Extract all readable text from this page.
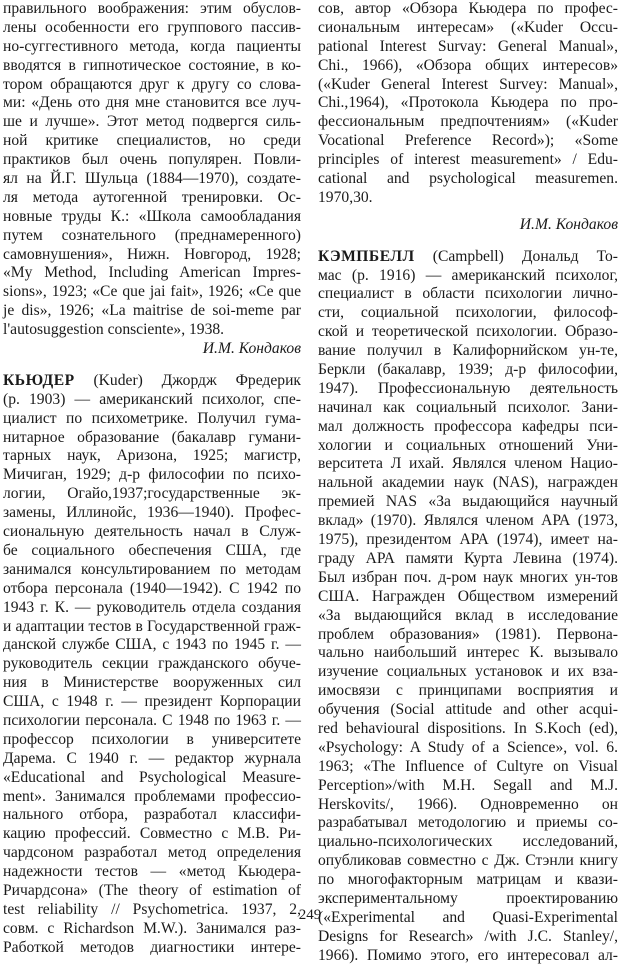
правильного воображения: этим обуслов-
лены особенности его группового пассив-
но-суггестивного метода, когда пациенты
вводятся в гипнотическое состояние, в ко-
тором обращаются друг к другу со слова-
ми: «День ото дня мне становится все луч-
ше и лучше». Этот метод подвергся силь-
ной критике специалистов, но среди
практиков был очень популярен. Повли-
ял на Й.Г. Шульца (1884—1970), создате-
ля метода аутогенной тренировки. Ос-
новные труды К.: «Школа самообладания
путем сознательного (преднамеренного)
самовнушения», Нижн. Новгород, 1928;
«My Method, Including American Impres-
sions», 1923; «Ce que jai fait», 1926; «Ce que
je dis», 1926; «La maitrise de soi-meme par
l'autosuggestion consciente», 1938.
И.М. Кондаков
КЬЮДЕР (Kuder) Джордж Фредерик
(р. 1903) — американский психолог, спе-
циалист по психометрике. Получил гума-
нитарное образование (бакалавр гумани-
тарных наук, Аризона, 1925; магистр,
Мичиган, 1929; д-р философии по психо-
логии, Огайо,1937;государственные эк-
замены, Иллинойс, 1936—1940). Профес-
сиональную деятельность начал в Служ-
бе социального обеспечения США, где
занимался консультированием по методам
отбора персонала (1940—1942). С 1942 по
1943 г. К. — руководитель отдела создания
и адаптации тестов в Государственной граж-
данской службе США, с 1943 по 1945 г. —
руководитель секции гражданского обуче-
ния в Министерстве вооруженных сил
США, с 1948 г. — президент Корпорации
психологии персонала. С 1948 по 1963 г. —
профессор психологии в университете
Дарема. С 1940 г. — редактор журнала
«Educational and Psychological Measure-
ment». Занимался проблемами профессио-
нального отбора, разработал классифи-
кацию профессий. Совместно с М.В. Ри-
чардсоном разработал метод определения
надежности тестов — «метод Кьюдера-
Ричардсона» (The theory of estimation of
test reliability // Psychometrica. 1937, 2,
совм. с Richardson M.W.). Занимался раз-
Работкой методов диагностики интере-
сов, автор «Обзора Кьюдера по профес-
сиональным интересам» («Kuder Occu-
pational Interest Survay: General Manual»,
Chi., 1966), «Обзора общих интересов»
(«Kuder General Interest Survey: Manual»,
Chi.,1964), «Протокола Кьюдера по про-
фессиональным предпочтениям» («Kuder
Vocational Preference Record»); «Some
principles of interest measurement» / Edu-
cational and psychological measuremen.
1970,30.
И.М. Кондаков
КЭМПБЕЛЛ (Campbell) Дональд То-
мас (р. 1916) — американский психолог,
специалист в области психологии лично-
сти, социальной психологии, философ-
ской и теоретической психологии. Образо-
вание получил в Калифорнийском ун-те,
Беркли (бакалавр, 1939; д-р философии,
1947). Профессиональную деятельность
начинал как социальный психолог. Зани-
мал должность профессора кафедры пси-
хологии и социальных отношений Уни-
верситета Л ихай. Являлся членом Нацио-
нальной академии наук (NAS), награжден
премией NAS «За выдающийся научный
вклад» (1970). Являлся членом АРА (1973,
1975), президентом АРА (1974), имеет на-
граду АРА памяти Курта Левина (1974).
Был избран поч. д-ром наук многих ун-тов
США. Награжден Обществом измерений
«За выдающийся вклад в исследование
проблем образования» (1981). Первона-
чально наибольший интерес К. вызывало
изучение социальных установок и их вза-
имосвязи с принципами восприятия и
обучения (Social attitude and other acqui-
red behavioural dispositions. In S.Koch (ed),
«Psychology: A Study of a Science», vol. 6.
1963; «The Influence of Cultyre on Visual
Perception»/with M.H. Segall and M.J.
Herskovits/, 1966). Одновременно он
разрабатывал методологию и приемы со-
циально-психологических исследований,
опубликовав совместно с Дж. Стэнли книгу
по многофакторным матрицам и квази-
экспериментальному проектированию
(«Experimental and Quasi-Experimental
Designs for Research» /with J.C. Stanley/,
1966). Помимо этого, его интересовал ал-
249
